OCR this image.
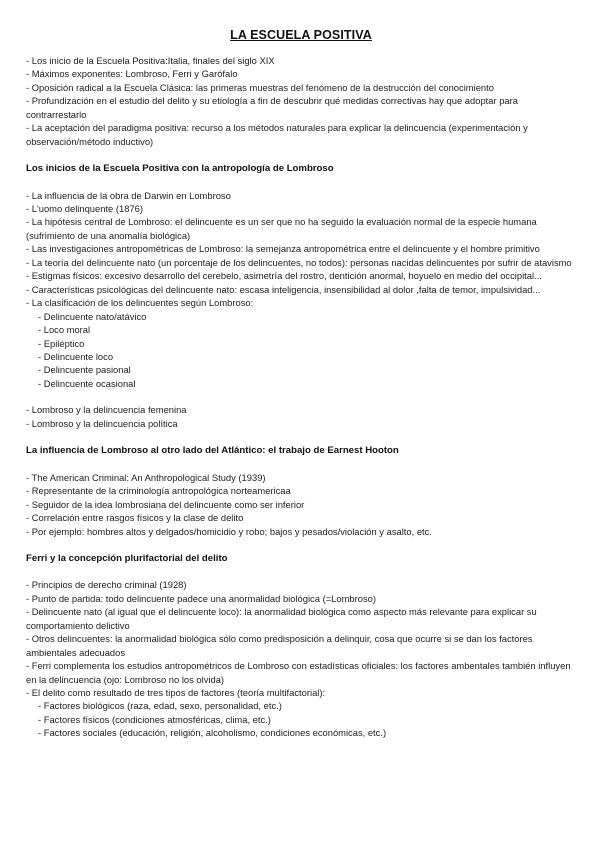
LA ESCUELA POSITIVA
- Los inicio de la Escuela Positiva:Italia, finales del siglo XIX
- Máximos exponentes: Lombroso, Ferri y Garófalo
- Oposición radical a la Escuela Clásica: las primeras muestras del fenómeno de la destrucción del conocimiento
- Profundización en el estudio del delito y su etiología a fin de descubrir qué medidas correctivas hay que adoptar para contrarrestarlo
- La aceptación del paradigma positiva: recurso a los métodos naturales para explicar la delincuencia (experimentación y observación/método inductivo)
Los inicios de la Escuela Positiva con la antropología de Lombroso
- La influencia de la obra de Darwin en Lombroso
- L'uomo delinquente (1876)
- La hipótesis central de Lombroso: el delincuente es un ser que no ha seguido la evaluación normal de la especie humana (sufrimiento de una anomalía biológica)
- Las investigaciones antropométricas de Lombroso: la semejanza antropométrica entre el delincuente y el hombre primitivo
- La teoría del delincuente nato (un porcentaje de los delincuentes, no todos): personas nacidas delincuentes por sufrir de atavismo
- Estigmas físicos: excesivo desarrollo del cerebelo, asimetría del rostro, dentición anormal, hoyuelo en medio del occipital...
- Características psicológicas del delincuente nato: escasa inteligencia, insensibilidad al dolor ,falta de temor, impulsividad...
- La clasificación de los delincuentes según Lombroso:
- Delincuente nato/atávico
- Loco moral
- Epiléptico
- Delincuente loco
- Delincuente pasional
- Delincuente ocasional
- Lombroso y la delincuencia femenina
- Lombroso y la delincuencia política
La influencia de Lombroso al otro lado del Atlántico: el trabajo de Earnest Hooton
- The American Criminal: An Anthropological Study (1939)
- Representante de la criminología antropológica norteamericaa
- Seguidor de la idea lombrosiana del delincuente como ser inferior
- Correlación entre rasgos físicos y la clase de delito
- Por ejemplo: hombres altos y delgados/homicidio y robo; bajos y pesados/violación y asalto, etc.
Ferri y la concepción plurifactorial del delito
- Principios de derecho criminal (1928)
- Punto de partida: todo delincuente padece una anormalidad biológica (=Lombroso)
- Delincuente nato (al igual que el delincuente loco): la anormalidad biológica como aspecto más relevante para explicar su comportamiento delictivo
- Otros delincuentes: la anormalidad biológica sólo como predisposición a delinquir, cosa que ocurre si se dan los factores ambientales adecuados
- Ferri complementa los estudios antropométricos de Lombroso con estadísticas oficiales: los factores ambentales también influyen en la delincuencia (ojo: Lombroso no los olvida)
- El delito como resultado de tres tipos de factores (teoría multifactorial):
- Factores biológicos (raza, edad, sexo, personalidad, etc.)
- Factores físicos (condiciones atmosféricas, clima, etc.)
- Factores sociales (educación, religión, alcoholismo, condiciones económicas, etc.)
